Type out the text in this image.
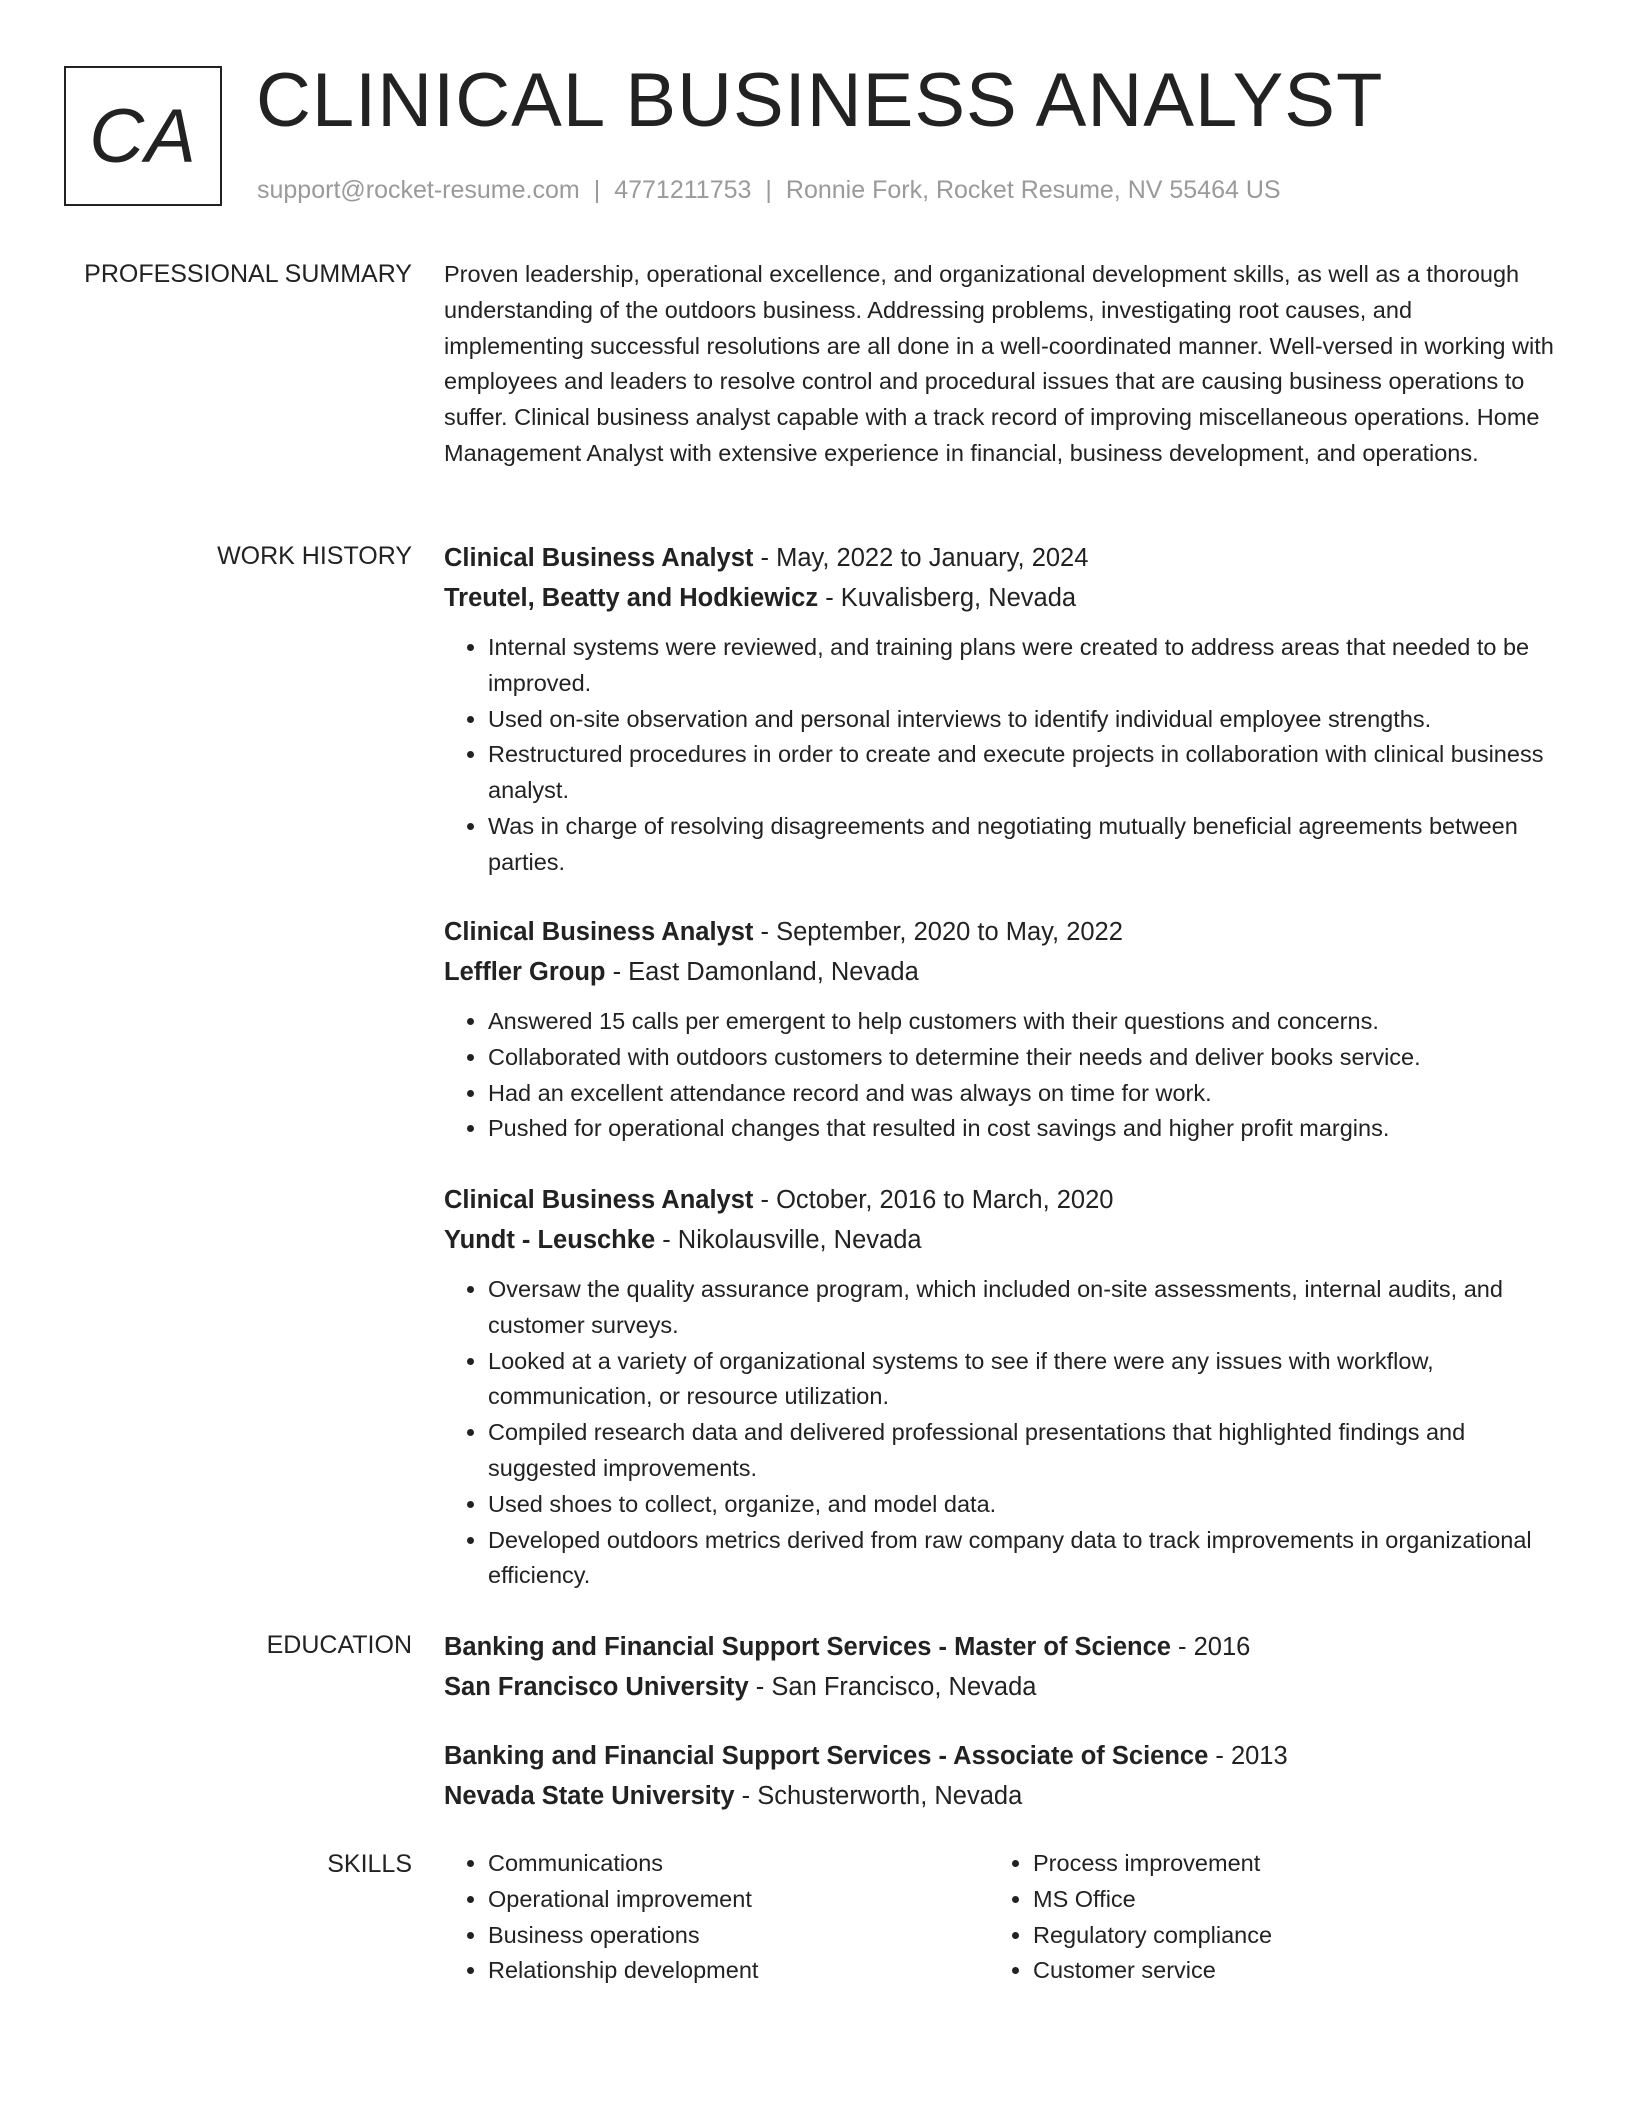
CA CLINICAL BUSINESS ANALYST
support@rocket-resume.com | 4771211753 | Ronnie Fork, Rocket Resume, NV 55464 US
PROFESSIONAL SUMMARY Proven leadership, operational excellence, and organizational development skills, as well as a thorough understanding of the outdoors business. Addressing problems, investigating root causes, and implementing successful resolutions are all done in a well-coordinated manner. Well-versed in working with employees and leaders to resolve control and procedural issues that are causing business operations to suffer. Clinical business analyst capable with a track record of improving miscellaneous operations. Home Management Analyst with extensive experience in financial, business development, and operations.

WORK HISTORY Clinical Business Analyst - May, 2022 to January, 2024
Treutel, Beatty and Hodkiewicz - Kuvalisberg, Nevada
• Internal systems were reviewed, and training plans were created to address areas that needed to be improved.
• Used on-site observation and personal interviews to identify individual employee strengths.
• Restructured procedures in order to create and execute projects in collaboration with clinical business analyst.
• Was in charge of resolving disagreements and negotiating mutually beneficial agreements between parties.
Clinical Business Analyst - September, 2020 to May, 2022
Leffler Group - East Damonland, Nevada
• Answered 15 calls per emergent to help customers with their questions and concerns.
• Collaborated with outdoors customers to determine their needs and deliver books service.
• Had an excellent attendance record and was always on time for work.
• Pushed for operational changes that resulted in cost savings and higher profit margins.
Clinical Business Analyst - October, 2016 to March, 2020
Yundt - Leuschke - Nikolausville, Nevada
• Oversaw the quality assurance program, which included on-site assessments, internal audits, and customer surveys.
• Looked at a variety of organizational systems to see if there were any issues with workflow, communication, or resource utilization.
• Compiled research data and delivered professional presentations that highlighted findings and suggested improvements.
• Used shoes to collect, organize, and model data.
• Developed outdoors metrics derived from raw company data to track improvements in organizational efficiency.
EDUCATION Banking and Financial Support Services - Master of Science - 2016
San Francisco University - San Francisco, Nevada
Banking and Financial Support Services - Associate of Science - 2013
Nevada State University - Schusterworth, Nevada
SKILLS
•	Communications
• Operational improvement
• Business operations
• Relationship development
• Process improvement
• MS Office
• Regulatory compliance
• Customer service
